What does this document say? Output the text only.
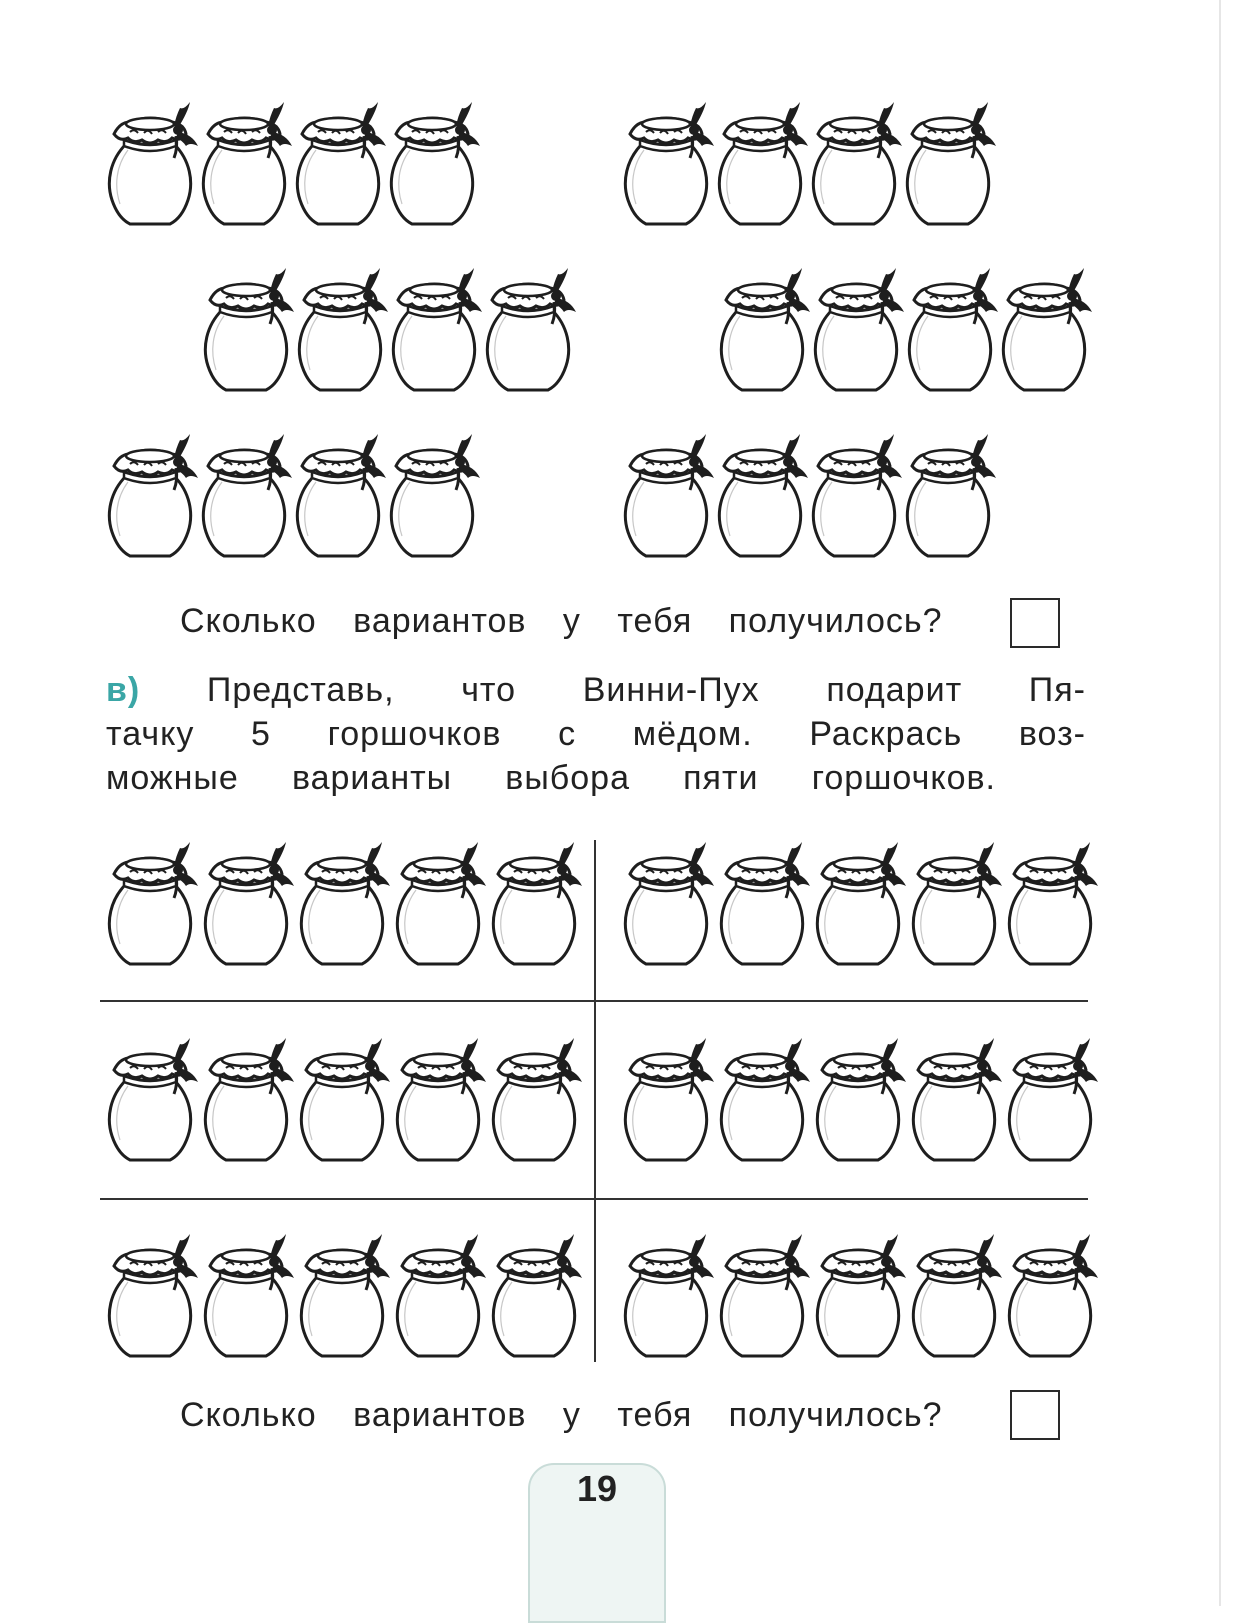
Сколько вариантов у тебя получилось?
в) Представь, что Винни-Пух подарит Пя-
тачку 5 горшочков с мёдом. Раскрась воз-
можные варианты выбора пяти горшочков.
Сколько вариантов у тебя получилось?
19
